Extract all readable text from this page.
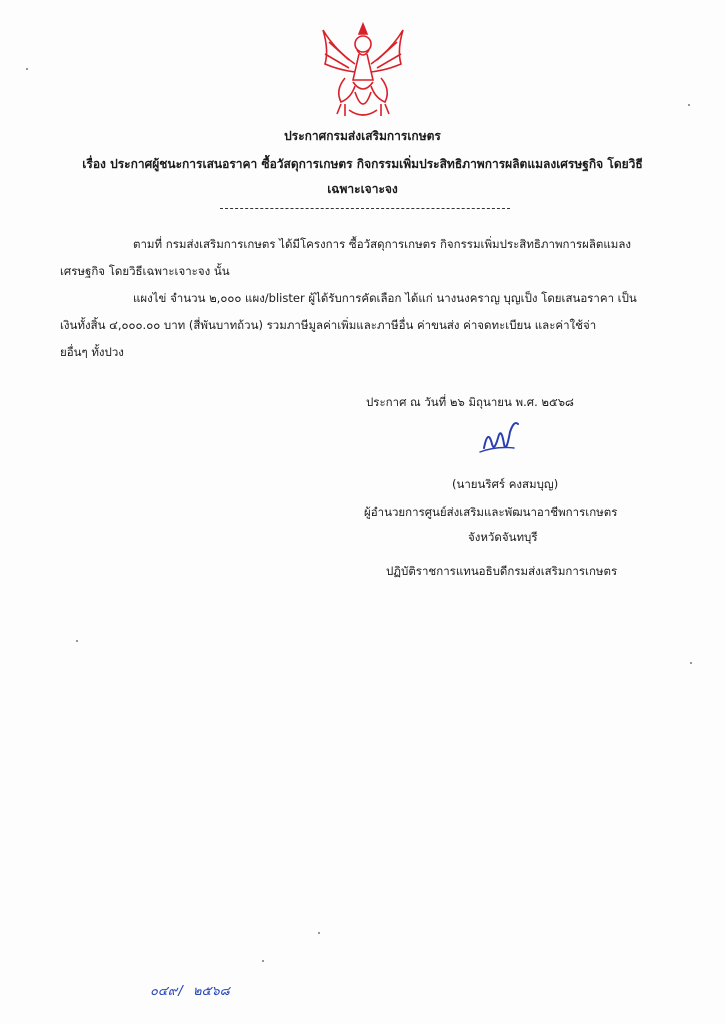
ประกาศกรมส่งเสริมการเกษตร
เรื่อง ประกาศผู้ชนะการเสนอราคา ซื้อวัสดุการเกษตร กิจกรรมเพิ่มประสิทธิภาพการผลิตแมลงเศรษฐกิจ โดยวิธี
เฉพาะเจาะจง
ตามที่ กรมส่งเสริมการเกษตร ได้มีโครงการ ซื้อวัสดุการเกษตร กิจกรรมเพิ่มประสิทธิภาพการผลิตแมลง
เศรษฐกิจ โดยวิธีเฉพาะเจาะจง นั้น
แผงไข่ จำนวน ๒,๐๐๐ แผง/blister ผู้ได้รับการคัดเลือก ได้แก่ นางนงคราญ บุญเป็ง โดยเสนอราคา เป็น
เงินทั้งสิ้น ๔,๐๐๐.๐๐ บาท (สี่พันบาทถ้วน) รวมภาษีมูลค่าเพิ่มและภาษีอื่น ค่าขนส่ง ค่าจดทะเบียน และค่าใช้จ่า
ยอื่นๆ ทั้งปวง
ประกาศ ณ วันที่ ๒๖ มิถุนายน พ.ศ. ๒๕๖๘
(นายนริศร์ คงสมบุญ)
ผู้อำนวยการศูนย์ส่งเสริมและพัฒนาอาชีพการเกษตร
จังหวัดจันทบุรี
ปฏิบัติราชการแทนอธิบดีกรมส่งเสริมการเกษตร
๐๔๙/ ๒๕๖๘
